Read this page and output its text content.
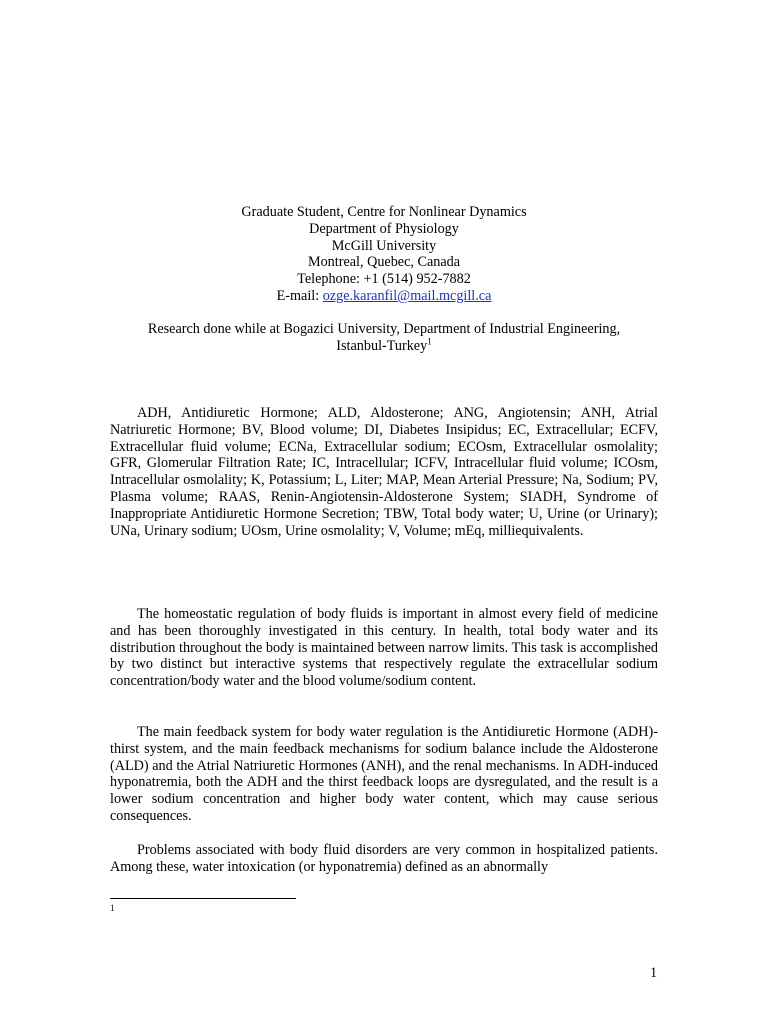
Graduate Student, Centre for Nonlinear Dynamics
Department of Physiology
McGill University
Montreal, Quebec, Canada
Telephone: +1 (514) 952-7882
E-mail: ozge.karanfil@mail.mcgill.ca
Research done while at Bogazici University, Department of Industrial Engineering,
Istanbul-Turkey$^1$

ADH, Antidiuretic Hormone; ALD, Aldosterone; ANG, Angiotensin; ANH, Atrial Natriuretic Hormone; BV, Blood volume; DI, Diabetes Insipidus; EC, Extracellular; ECFV, Extracellular fluid volume; ECNa, Extracellular sodium; ECOsm, Extracellular osmolality; GFR, Glomerular Filtration Rate; IC, Intracellular; ICFV, Intracellular fluid volume; ICOsm, Intracellular osmolality; K, Potassium; L, Liter; MAP, Mean Arterial Pressure; Na, Sodium; PV, Plasma volume; RAAS, Renin-Angiotensin-Aldosterone System; SIADH, Syndrome of Inappropriate Antidiuretic Hormone Secretion; TBW, Total body water; U, Urine (or Urinary); UNa, Urinary sodium; UOsm, Urine osmolality; V, Volume; mEq, milliequivalents.

The homeostatic regulation of body fluids is important in almost every field of medicine and has been thoroughly investigated in this century. In health, total body water and its distribution throughout the body is maintained between narrow limits. This task is accomplished by two distinct but interactive systems that respectively regulate the extracellular sodium concentration/body water and the blood volume/sodium content.

The main feedback system for body water regulation is the Antidiuretic Hormone (ADH)-thirst system, and the main feedback mechanisms for sodium balance include the Aldosterone (ALD) and the Atrial Natriuretic Hormones (ANH), and the renal mechanisms. In ADH-induced hyponatremia, both the ADH and the thirst feedback loops are dysregulated, and the result is a lower sodium concentration and higher body water content, which may cause serious consequences.

Problems associated with body fluid disorders are very common in hospitalized patients. Among these, water intoxication (or hyponatremia) defined as an abnormally

1
1
